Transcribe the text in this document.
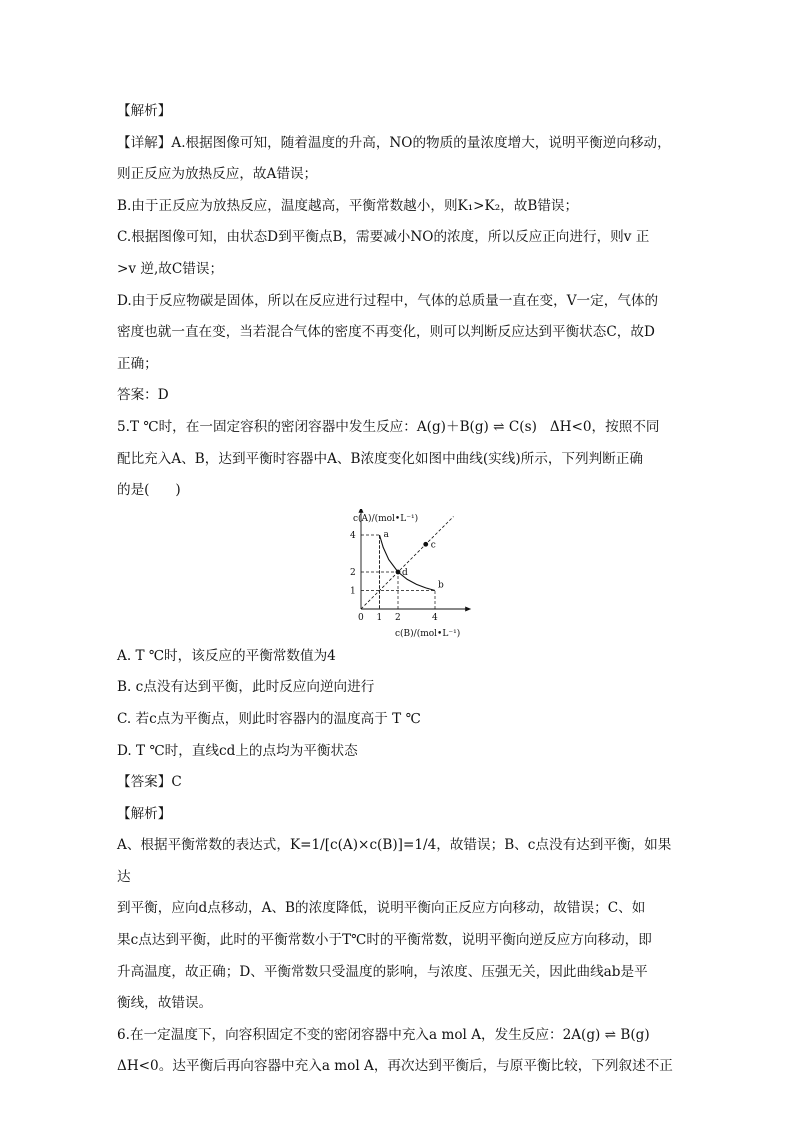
【解析】

【详解】A.根据图像可知，随着温度的升高，NO的物质的量浓度增大，说明平衡逆向移动，

则正反应为放热反应，故A错误；

B.由于正反应为放热反应，温度越高，平衡常数越小，则K₁>K₂，故B错误；

C.根据图像可知，由状态D到平衡点B，需要减小NO的浓度，所以反应正向进行，则v 正

>v 逆,故C错误；

D.由于反应物碳是固体，所以在反应进行过程中，气体的总质量一直在变，V一定，气体的

密度也就一直在变，当若混合气体的密度不再变化，则可以判断反应达到平衡状态C，故D

正确；

答案：D

5.T ℃时，在一固定容积的密闭容器中发生反应：A(g)＋B(g) ⇌ C(s)   ΔH<0，按照不同

配比充入A、B，达到平衡时容器中A、B浓度变化如图中曲线(实线)所示，下列判断正确

的是(      )

c(A)/(mol•L⁻¹)
c(B)/(mol•L⁻¹)
0 1 2	4
1
2
4	a
b
c
d

A. T ℃时，该反应的平衡常数值为4

B. c点没有达到平衡，此时反应向逆向进行

C. 若c点为平衡点，则此时容器内的温度高于 T ℃

D. T ℃时，直线cd上的点均为平衡状态

【答案】C

【解析】

A、根据平衡常数的表达式，K=1/[c(A)×c(B)]=1/4，故错误；B、c点没有达到平衡，如果达

到平衡，应向d点移动，A、B的浓度降低，说明平衡向正反应方向移动，故错误；C、如

果c点达到平衡，此时的平衡常数小于T℃时的平衡常数，说明平衡向逆反应方向移动，即

升高温度，故正确；D、平衡常数只受温度的影响，与浓度、压强无关，因此曲线ab是平

衡线，故错误。

6.在一定温度下，向容积固定不变的密闭容器中充入a mol A，发生反应：2A(g) ⇌ B(g)

ΔH<0。达平衡后再向容器中充入a mol A，再次达到平衡后，与原平衡比较，下列叙述不正
